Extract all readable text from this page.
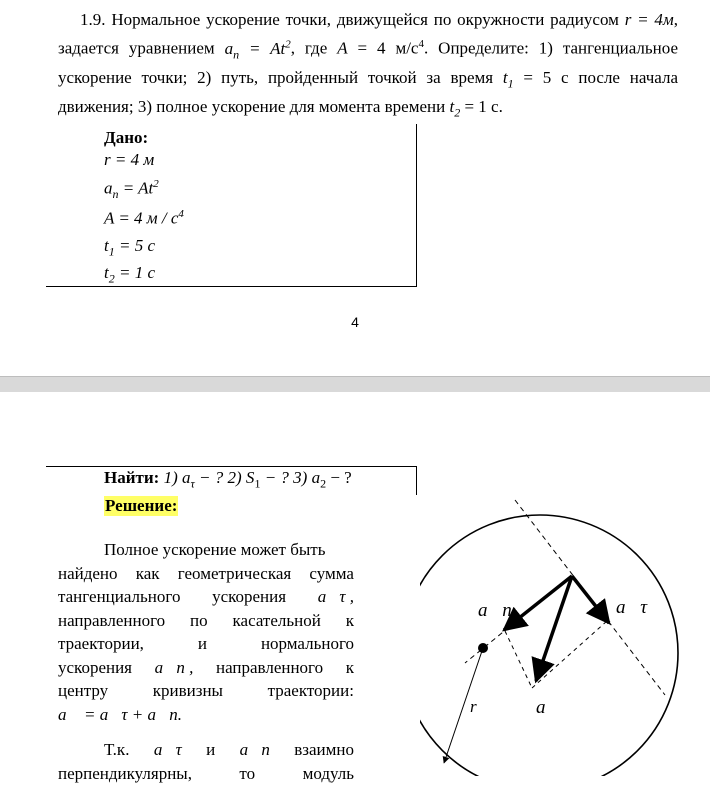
1.9. Нормальное ускорение точки, движущейся по окружности радиусом r = 4м, задается уравнением $a_n = At^2$, где A = 4 $м/с^4$. Определите: 1) тангенциальное ускорение точки; 2) путь, пройденный точкой за время $t_1 = 5$ с после начала движения; 3) полное ускорение для момента времени $t_2 = 1$ с.
Дано:
r = 4 м
$a_n = At^2$
A = 4 м / $с^4$
$t_1 = 5$ с
$t_2 = 1$ с
4
Найти: 1) $a_\tau$ − ? 2) $S_1$ − ? 3) $a_2$ − ?
Решение:
Полное ускорение может быть
найдено как геометрическая сумма
тангенциального ускорения a⃗τ ,
направленного по касательной к
траектории,	и	нормального
ускорения a⃗n , направленного к
центру	кривизны	траектории:
a⃗ = a⃗τ + a⃗n.
Т.к. a⃗τ и a⃗n взаимно
перпендикулярны,	то	модуль
a⃗n	a⃗τ
a⃗
r
